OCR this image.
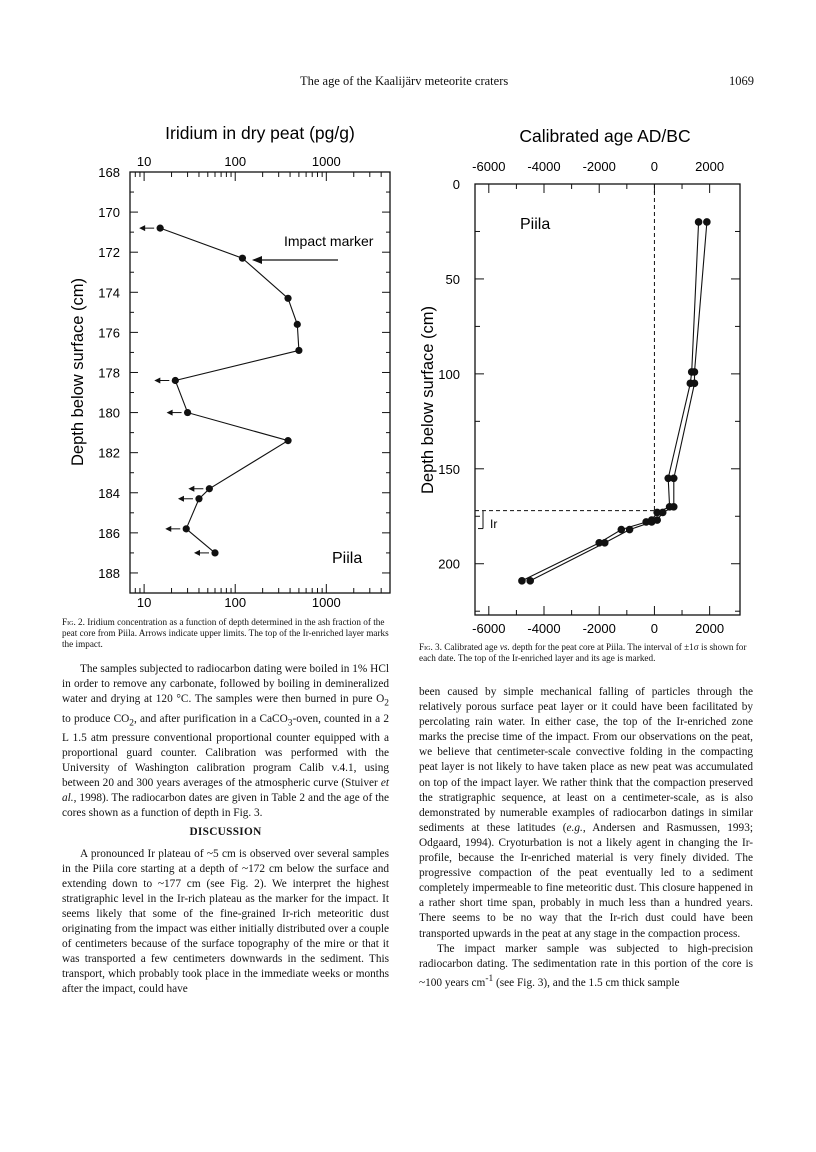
The age of the Kaalijärv meteorite craters	1069
Iridium in dry peat (pg/g)
Depth below surface (cm)
168
170
172
174
176
178
180
182
184
186
188
10
10
100
100
1000
1000
Impact marker
Piila
Calibrated age AD/BC
Depth below surface (cm)
-6000
-6000
-4000
-4000
-2000
-2000
0
0
2000
2000
0
50
100
150
200
Piila
Ir
Fig. 2. Iridium concentration as a function of depth determined in the ash fraction of the peat core from Piila. Arrows indicate upper limits. The top of the Ir-enriched layer marks the impact.	Fig. 3. Calibrated age vs. depth for the peat core at Piila. The interval of ±1σ is shown for each date. The top of the Ir-enriched layer and its age is marked.

The samples subjected to radiocarbon dating were boiled in 1% HCl in order to remove any carbonate, followed by boiling in demineralized water and drying at 120 °C. The samples were then burned in pure $O_2$ to produce $CO_2$, and after purification in a CaCO$_3$-oven, counted in a 2 L 1.5 atm pressure conventional proportional counter equipped with a proportional guard counter. Calibration was performed with the University of Washington calibration program Calib v.4.1, using between 20 and 300 years averages of the atmospheric curve (Stuiver et al., 1998). The radiocarbon dates are given in Table 2 and the age of the cores shown as a function of depth in Fig. 3.

DISCUSSION

A pronounced Ir plateau of ~5 cm is observed over several samples in the Piila core starting at a depth of ~172 cm below the surface and extending down to ~177 cm (see Fig. 2). We interpret the highest stratigraphic level in the Ir-rich plateau as the marker for the impact. It seems likely that some of the fine-grained Ir-rich meteoritic dust originating from the impact was either initially distributed over a couple of centimeters because of the surface topography of the mire or that it was transported a few centimeters downwards in the sediment. This transport, which probably took place in the immediate weeks or months after the impact, could have

been caused by simple mechanical falling of particles through the relatively porous surface peat layer or it could have been facilitated by percolating rain water. In either case, the top of the Ir-enriched zone marks the precise time of the impact. From our observations on the peat, we believe that centimeter-scale convective folding in the compacting peat layer is not likely to have taken place as new peat was accumulated on top of the impact layer. We rather think that the compaction preserved the stratigraphic sequence, at least on a centimeter-scale, as is also demonstrated by numerable examples of radiocarbon datings in similar sediments at these latitudes (e.g., Andersen and Rasmussen, 1993; Odgaard, 1994). Cryoturbation is not a likely agent in changing the Ir-profile, because the Ir-enriched material is very finely divided. The progressive compaction of the peat eventually led to a sediment completely impermeable to fine meteoritic dust. This closure happened in a rather short time span, probably in much less than a hundred years. There seems to be no way that the Ir-rich dust could have been transported upwards in the peat at any stage in the compaction process.

The impact marker sample was subjected to high-precision radiocarbon dating. The sedimentation rate in this portion of the core is ~100 years $cm^{-1}$ (see Fig. 3), and the 1.5 cm thick sample
